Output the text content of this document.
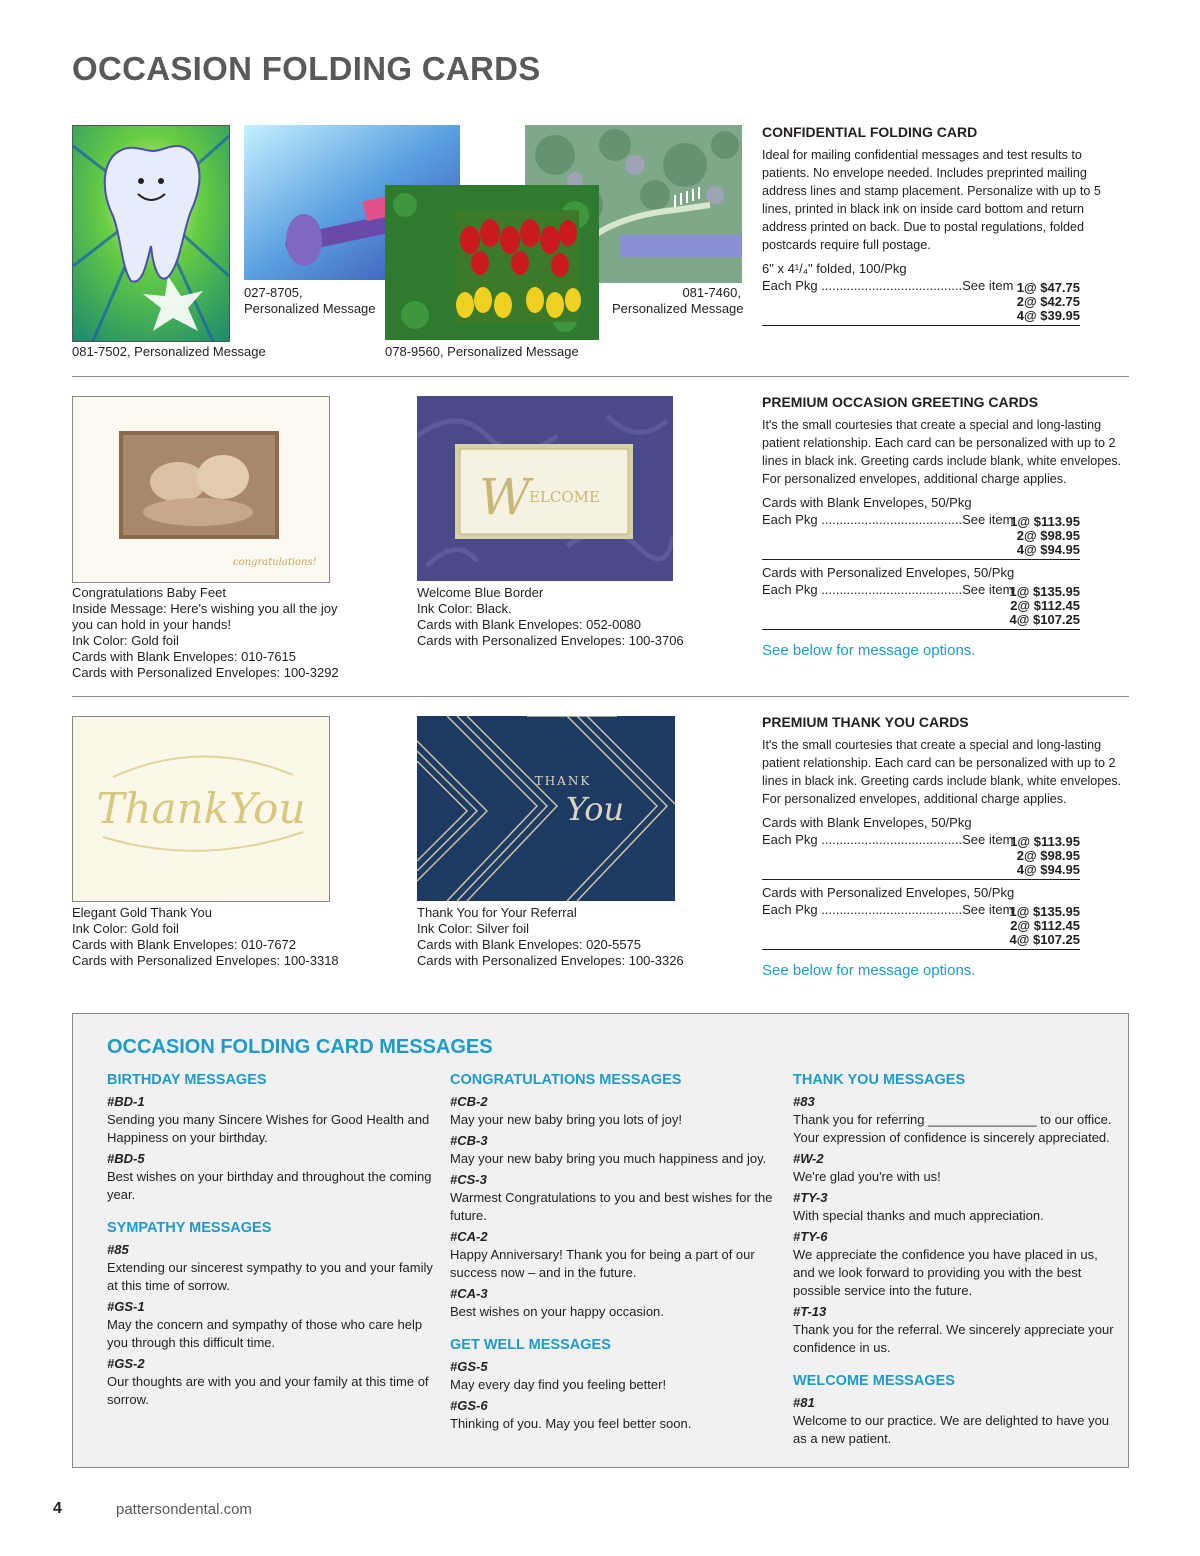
OCCASION FOLDING CARDS
081-7502, Personalized Message
027-8705,
Personalized Message
078-9560, Personalized Message
081-7460,
Personalized Message
CONFIDENTIAL FOLDING CARD
Ideal for mailing confidential messages and test results to patients. No envelope needed. Includes preprinted mailing address lines and stamp placement. Personalize with up to 5 lines, printed in black ink on inside card bottom and return address printed on back. Due to postal regulations, folded postcards require full postage.
6" x 4¹/₄" folded, 100/Pkg
Each Pkg .......................................See item 1@ $47.75
2@ $42.75
4@ $39.95
congratulations!
Congratulations Baby Feet
Inside Message: Here's wishing you all the joy
you can hold in your hands!
Ink Color: Gold foil
Cards with Blank Envelopes: 010-7615
Cards with Personalized Envelopes: 100-3292
W
ELCOME
Welcome Blue Border
Ink Color: Black.
Cards with Blank Envelopes: 052-0080
Cards with Personalized Envelopes: 100-3706
PREMIUM OCCASION GREETING CARDS
It's the small courtesies that create a special and long-lasting patient relationship. Each card can be personalized with up to 2 lines in black ink. Greeting cards include blank, white envelopes. For personalized envelopes, additional charge applies.
Cards with Blank Envelopes, 50/Pkg
Each Pkg .......................................See item
1@ $113.95
2@ $98.95
4@ $94.95
Cards with Personalized Envelopes, 50/Pkg
Each Pkg .......................................See item
1@ $135.95
2@ $112.45
4@ $107.25
See below for message options.
ThankYou
Elegant Gold Thank You
Ink Color: Gold foil
Cards with Blank Envelopes: 010-7672
Cards with Personalized Envelopes: 100-3318
THANK
You
Thank You for Your Referral
Ink Color: Silver foil
Cards with Blank Envelopes: 020-5575
Cards with Personalized Envelopes: 100-3326
PREMIUM THANK YOU CARDS
It's the small courtesies that create a special and long-lasting patient relationship. Each card can be personalized with up to 2 lines in black ink. Greeting cards include blank, white envelopes. For personalized envelopes, additional charge applies.
Cards with Blank Envelopes, 50/Pkg
Each Pkg .......................................See item
1@ $113.95
2@ $98.95
4@ $94.95
Cards with Personalized Envelopes, 50/Pkg
Each Pkg .......................................See item
1@ $135.95
2@ $112.45
4@ $107.25
See below for message options.
OCCASION FOLDING CARD MESSAGES
BIRTHDAY MESSAGES
#BD-1
Sending you many Sincere Wishes for Good Health and Happiness on your birthday.
#BD-5
Best wishes on your birthday and throughout the coming year.
SYMPATHY MESSAGES
#85
Extending our sincerest sympathy to you and your family at this time of sorrow.
#GS-1
May the concern and sympathy of those who care help you through this difficult time.
#GS-2
Our thoughts are with you and your family at this time of sorrow.
CONGRATULATIONS MESSAGES
#CB-2
May your new baby bring you lots of joy!
#CB-3
May your new baby bring you much happiness and joy.
#CS-3
Warmest Congratulations to you and best wishes for the future.
#CA-2
Happy Anniversary! Thank you for being a part of our success now – and in the future.
#CA-3
Best wishes on your happy occasion.
GET WELL MESSAGES
#GS-5
May every day find you feeling better!
#GS-6
Thinking of you. May you feel better soon.
THANK YOU MESSAGES
#83
Thank you for referring _______________ to our office. Your expression of confidence is sincerely appreciated.
#W-2
We're glad you're with us!
#TY-3
With special thanks and much appreciation.
#TY-6
We appreciate the confidence you have placed in us, and we look forward to providing you with the best possible service into the future.
#T-13
Thank you for the referral. We sincerely appreciate your confidence in us.
WELCOME MESSAGES
#81
Welcome to our practice. We are delighted to have you as a new patient.
4	pattersondental.com
